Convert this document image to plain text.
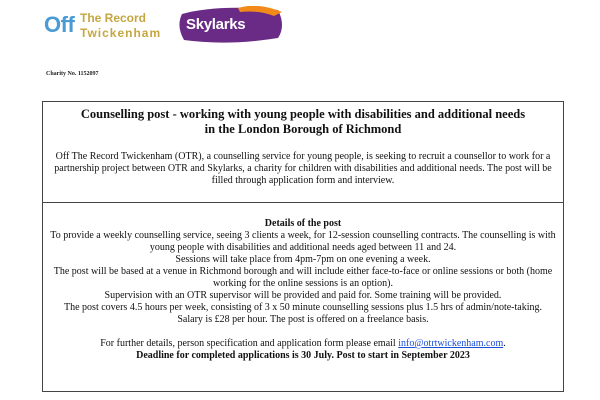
Off The Record
Twickenham Skylarks
Charity No. 1152097
Counselling post - working with young people with disabilities and additional needs
in the London Borough of Richmond
Off The Record Twickenham (OTR), a counselling service for young people, is seeking to recruit a counsellor to work for a partnership project between OTR and Skylarks, a charity for children with disabilities and additional needs. The post will be filled through application form and interview.
Details of the post
To provide a weekly counselling service, seeing 3 clients a week, for 12-session counselling contracts. The counselling is with young people with disabilities and additional needs aged between 11 and 24.
Sessions will take place from 4pm-7pm on one evening a week.
The post will be based at a venue in Richmond borough and will include either face-to-face or online sessions or both (home working for the online sessions is an option).
Supervision with an OTR supervisor will be provided and paid for. Some training will be provided.
The post covers 4.5 hours per week, consisting of 3 x 50 minute counselling sessions plus 1.5 hrs of admin/note-taking.
Salary is £28 per hour. The post is offered on a freelance basis.
For further details, person specification and application form please email info@otrtwickenham.com.
Deadline for completed applications is 30 July. Post to start in September 2023
